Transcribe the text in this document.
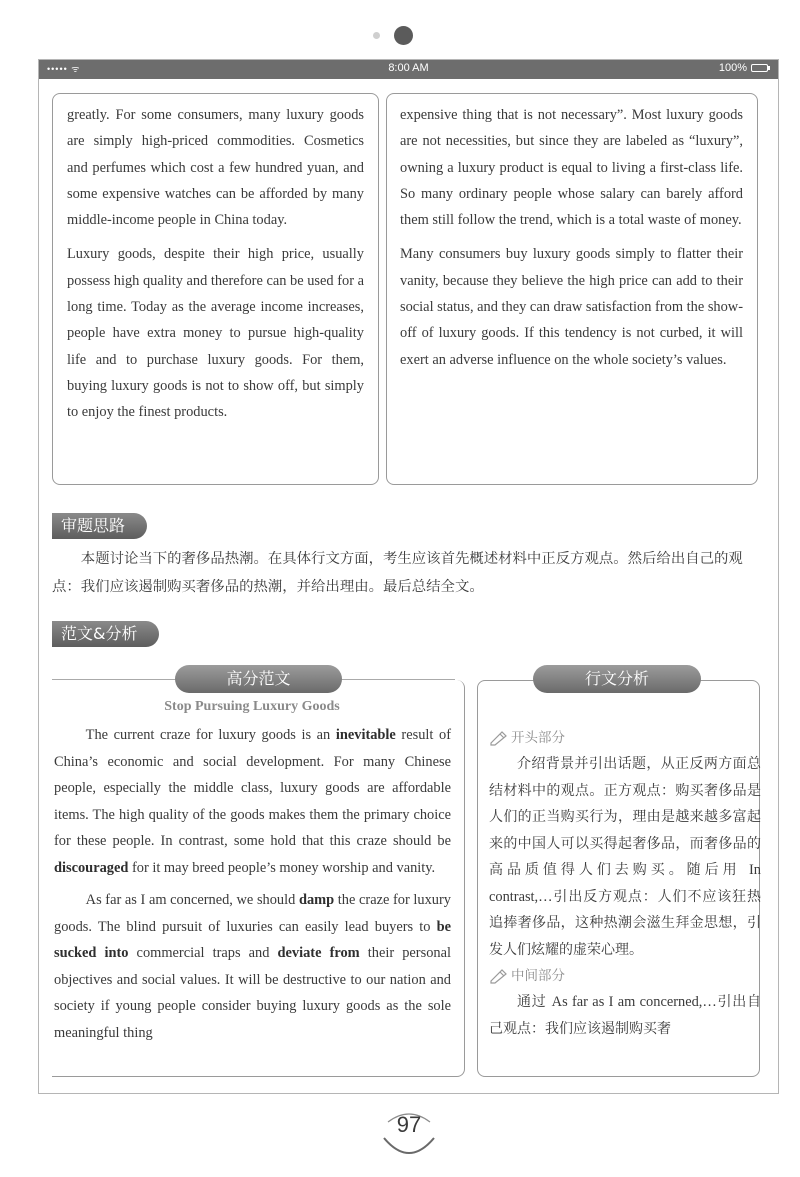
••••• ᯤ	8:00 AM	100%

greatly. For some consumers, many luxury goods are simply high-priced commodities. Cosmetics and perfumes which cost a few hundred yuan, and some expensive watches can be afforded by many middle-income people in China today.

Luxury goods, despite their high price, usually possess high quality and therefore can be used for a long time. Today as the average income increases, people have extra money to pursue high-quality life and to purchase luxury goods. For them, buying luxury goods is not to show off, but simply to enjoy the finest products.

expensive thing that is not necessary”. Most luxury goods are not necessities, but since they are labeled as “luxury”, owning a luxury product is equal to living a first-class life. So many ordinary people whose salary can barely afford them still follow the trend, which is a total waste of money.

Many consumers buy luxury goods simply to flatter their vanity, because they believe the high price can add to their social status, and they can draw satisfaction from the show-off of luxury goods. If this tendency is not curbed, it will exert an adverse influence on the whole society’s values.

审题思路

本题讨论当下的奢侈品热潮。在具体行文方面，考生应该首先概述材料中正反方观点。然后给出自己的观点：我们应该遏制购买奢侈品的热潮，并给出理由。最后总结全文。

范文&分析
高分范文	行文分析
Stop Pursuing Luxury Goods

The current craze for luxury goods is an inevitable result of China’s economic and social development. For many Chinese people, especially the middle class, luxury goods are affordable items. The high quality of the goods makes them the primary choice for these people. In contrast, some hold that this craze should be discouraged for it may breed people’s money worship and vanity.

As far as I am concerned, we should damp the craze for luxury goods. The blind pursuit of luxuries can easily lead buyers to be sucked into commercial traps and deviate from their personal objectives and social values. It will be destructive to our nation and society if young people consider buying luxury goods as the sole meaningful thing

开头部分

介绍背景并引出话题，从正反两方面总结材料中的观点。正方观点：购买奢侈品是人们的正当购买行为，理由是越来越多富起来的中国人可以买得起奢侈品，而奢侈品的高品质值得人们去购买。随后用 In contrast,…引出反方观点：人们不应该狂热追捧奢侈品，这种热潮会滋生拜金思想，引发人们炫耀的虚荣心理。

中间部分

通过 As far as I am concerned,…引出自己观点：我们应该遏制购买奢

97
